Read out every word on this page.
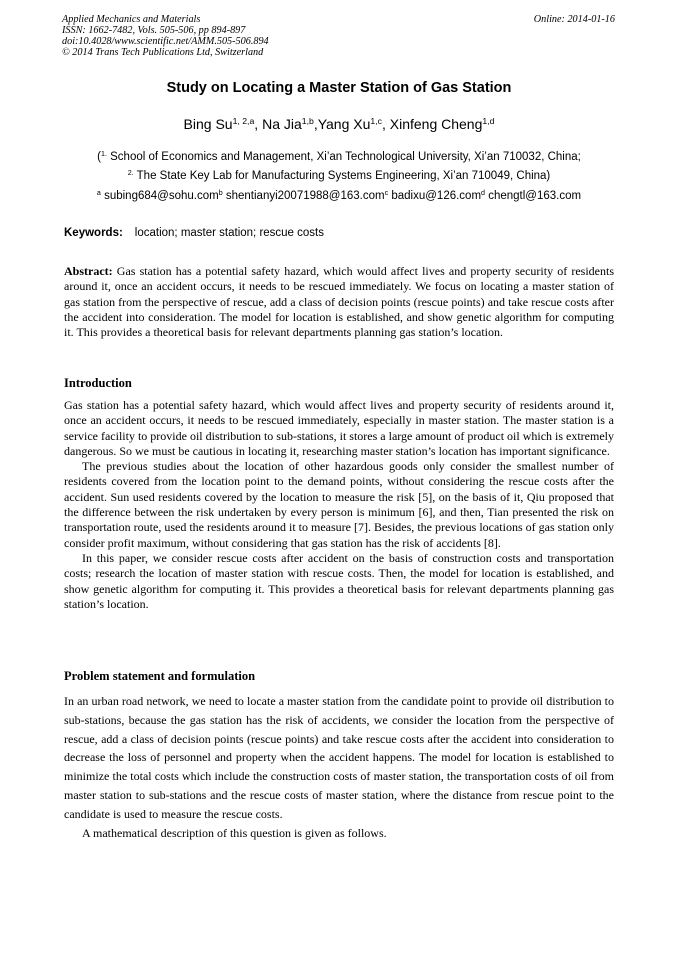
Applied Mechanics and Materials
ISSN: 1662-7482, Vols. 505-506, pp 894-897
doi:10.4028/www.scientific.net/AMM.505-506.894
© 2014 Trans Tech Publications Ltd, Switzerland
Online: 2014-01-16
Study on Locating a Master Station of Gas Station
Bing Su$^{1, 2,a}$, Na Jia$^{1,b}$,Yang Xu$^{1,c}$, Xinfeng Cheng$^{1,d}$
($^{1.}$ School of Economics and Management, Xi’an Technological University, Xi’an 710032, China;
$^{2.}$ The State Key Lab for Manufacturing Systems Engineering, Xi’an 710049, China)
$^a$ subing684@sohu.com$^b$ shentianyi20071988@163.com$^c$ badixu@126.com$^d$ chengtl@163.com
Keywords: location; master station; rescue costs

Abstract: Gas station has a potential safety hazard, which would affect lives and property security of residents around it, once an accident occurs, it needs to be rescued immediately. We focus on locating a master station of gas station from the perspective of rescue, add a class of decision points (rescue points) and take rescue costs after the accident into consideration. The model for location is established, and show genetic algorithm for computing it. This provides a theoretical basis for relevant departments planning gas station’s location.

Introduction

Gas station has a potential safety hazard, which would affect lives and property security of residents around it, once an accident occurs, it needs to be rescued immediately, especially in master station. The master station is a service facility to provide oil distribution to sub-stations, it stores a large amount of product oil which is extremely dangerous. So we must be cautious in locating it, researching master station’s location has important significance.

The previous studies about the location of other hazardous goods only consider the smallest number of residents covered from the location point to the demand points, without considering the rescue costs after the accident. Sun used residents covered by the location to measure the risk [5], on the basis of it, Qiu proposed that the difference between the risk undertaken by every person is minimum [6], and then, Tian presented the risk on transportation route, used the residents around it to measure [7]. Besides, the previous locations of gas station only consider profit maximum, without considering that gas station has the risk of accidents [8].

In this paper, we consider rescue costs after accident on the basis of construction costs and transportation costs; research the location of master station with rescue costs. Then, the model for location is established, and show genetic algorithm for computing it. This provides a theoretical basis for relevant departments planning gas station’s location.

Problem statement and formulation

In an urban road network, we need to locate a master station from the candidate point to provide oil distribution to sub-stations, because the gas station has the risk of accidents, we consider the location from the perspective of rescue, add a class of decision points (rescue points) and take rescue costs after the accident into consideration to decrease the loss of personnel and property when the accident happens. The model for location is established to minimize the total costs which include the construction costs of master station, the transportation costs of oil from master station to sub-stations and the rescue costs of master station, where the distance from rescue point to the candidate is used to measure the rescue costs.

A mathematical description of this question is given as follows.
